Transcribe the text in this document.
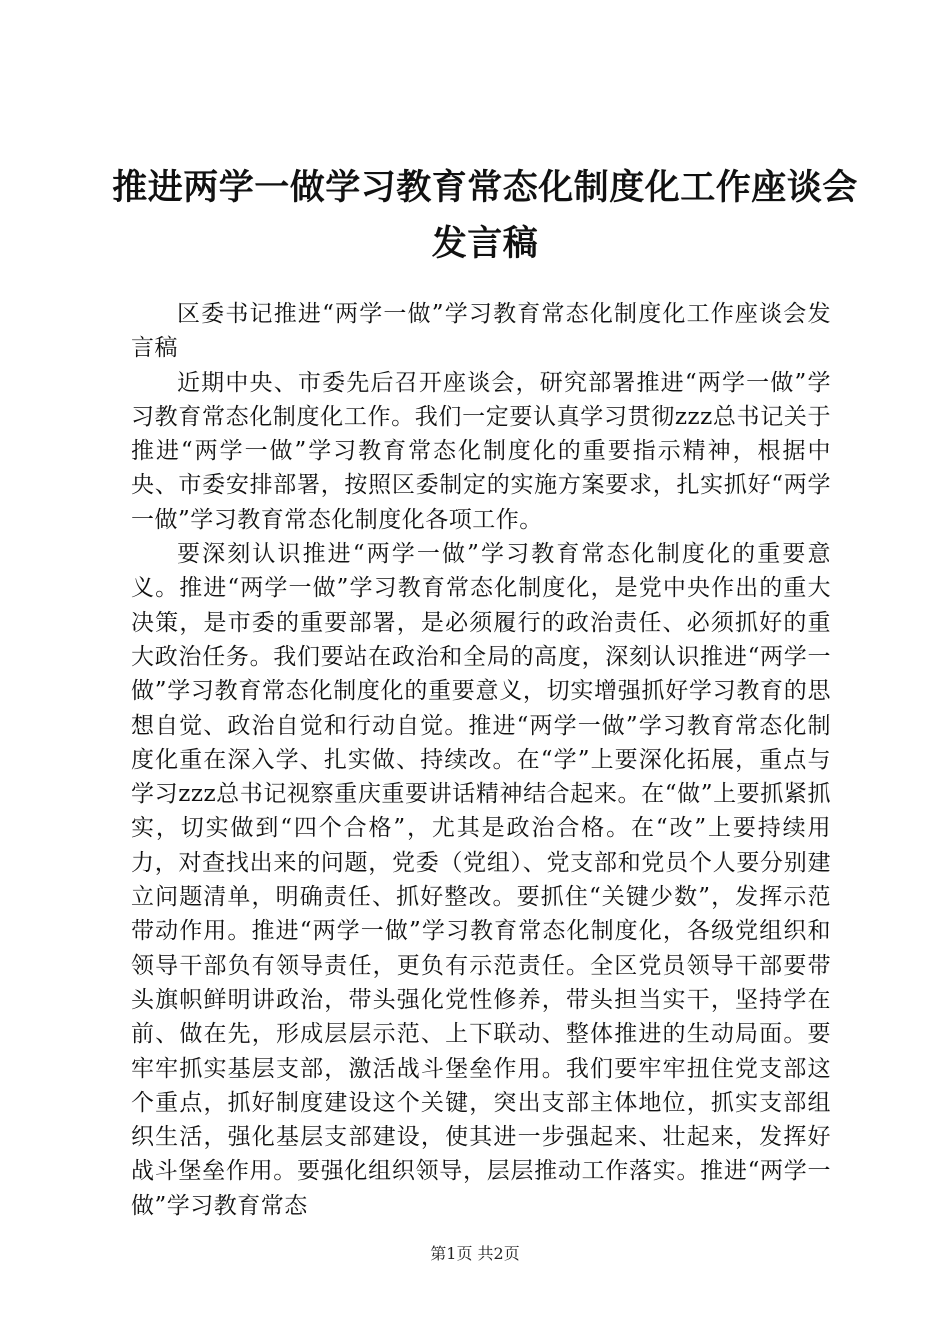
推进两学一做学习教育常态化制度化工作座谈会发言稿

区委书记推进“两学一做”学习教育常态化制度化工作座谈会发言稿

近期中央、市委先后召开座谈会，研究部署推进“两学一做”学习教育常态化制度化工作。我们一定要认真学习贯彻zzz总书记关于推进“两学一做”学习教育常态化制度化的重要指示精神，根据中央、市委安排部署，按照区委制定的实施方案要求，扎实抓好“两学一做”学习教育常态化制度化各项工作。

要深刻认识推进“两学一做”学习教育常态化制度化的重要意义。推进“两学一做”学习教育常态化制度化，是党中央作出的重大决策，是市委的重要部署，是必须履行的政治责任、必须抓好的重大政治任务。我们要站在政治和全局的高度，深刻认识推进“两学一做”学习教育常态化制度化的重要意义，切实增强抓好学习教育的思想自觉、政治自觉和行动自觉。推进“两学一做”学习教育常态化制度化重在深入学、扎实做、持续改。在“学”上要深化拓展，重点与学习zzz总书记视察重庆重要讲话精神结合起来。在“做”上要抓紧抓实，切实做到“四个合格”，尤其是政治合格。在“改”上要持续用力，对查找出来的问题，党委（党组）、党支部和党员个人要分别建立问题清单，明确责任、抓好整改。要抓住“关键少数”，发挥示范带动作用。推进“两学一做”学习教育常态化制度化，各级党组织和领导干部负有领导责任，更负有示范责任。全区党员领导干部要带头旗帜鲜明讲政治，带头强化党性修养，带头担当实干，坚持学在前、做在先，形成层层示范、上下联动、整体推进的生动局面。要牢牢抓实基层支部，激活战斗堡垒作用。我们要牢牢扭住党支部这个重点，抓好制度建设这个关键，突出支部主体地位，抓实支部组织生活，强化基层支部建设，使其进一步强起来、壮起来，发挥好战斗堡垒作用。要强化组织领导，层层推动工作落实。推进“两学一做”学习教育常态

第1页 共2页
